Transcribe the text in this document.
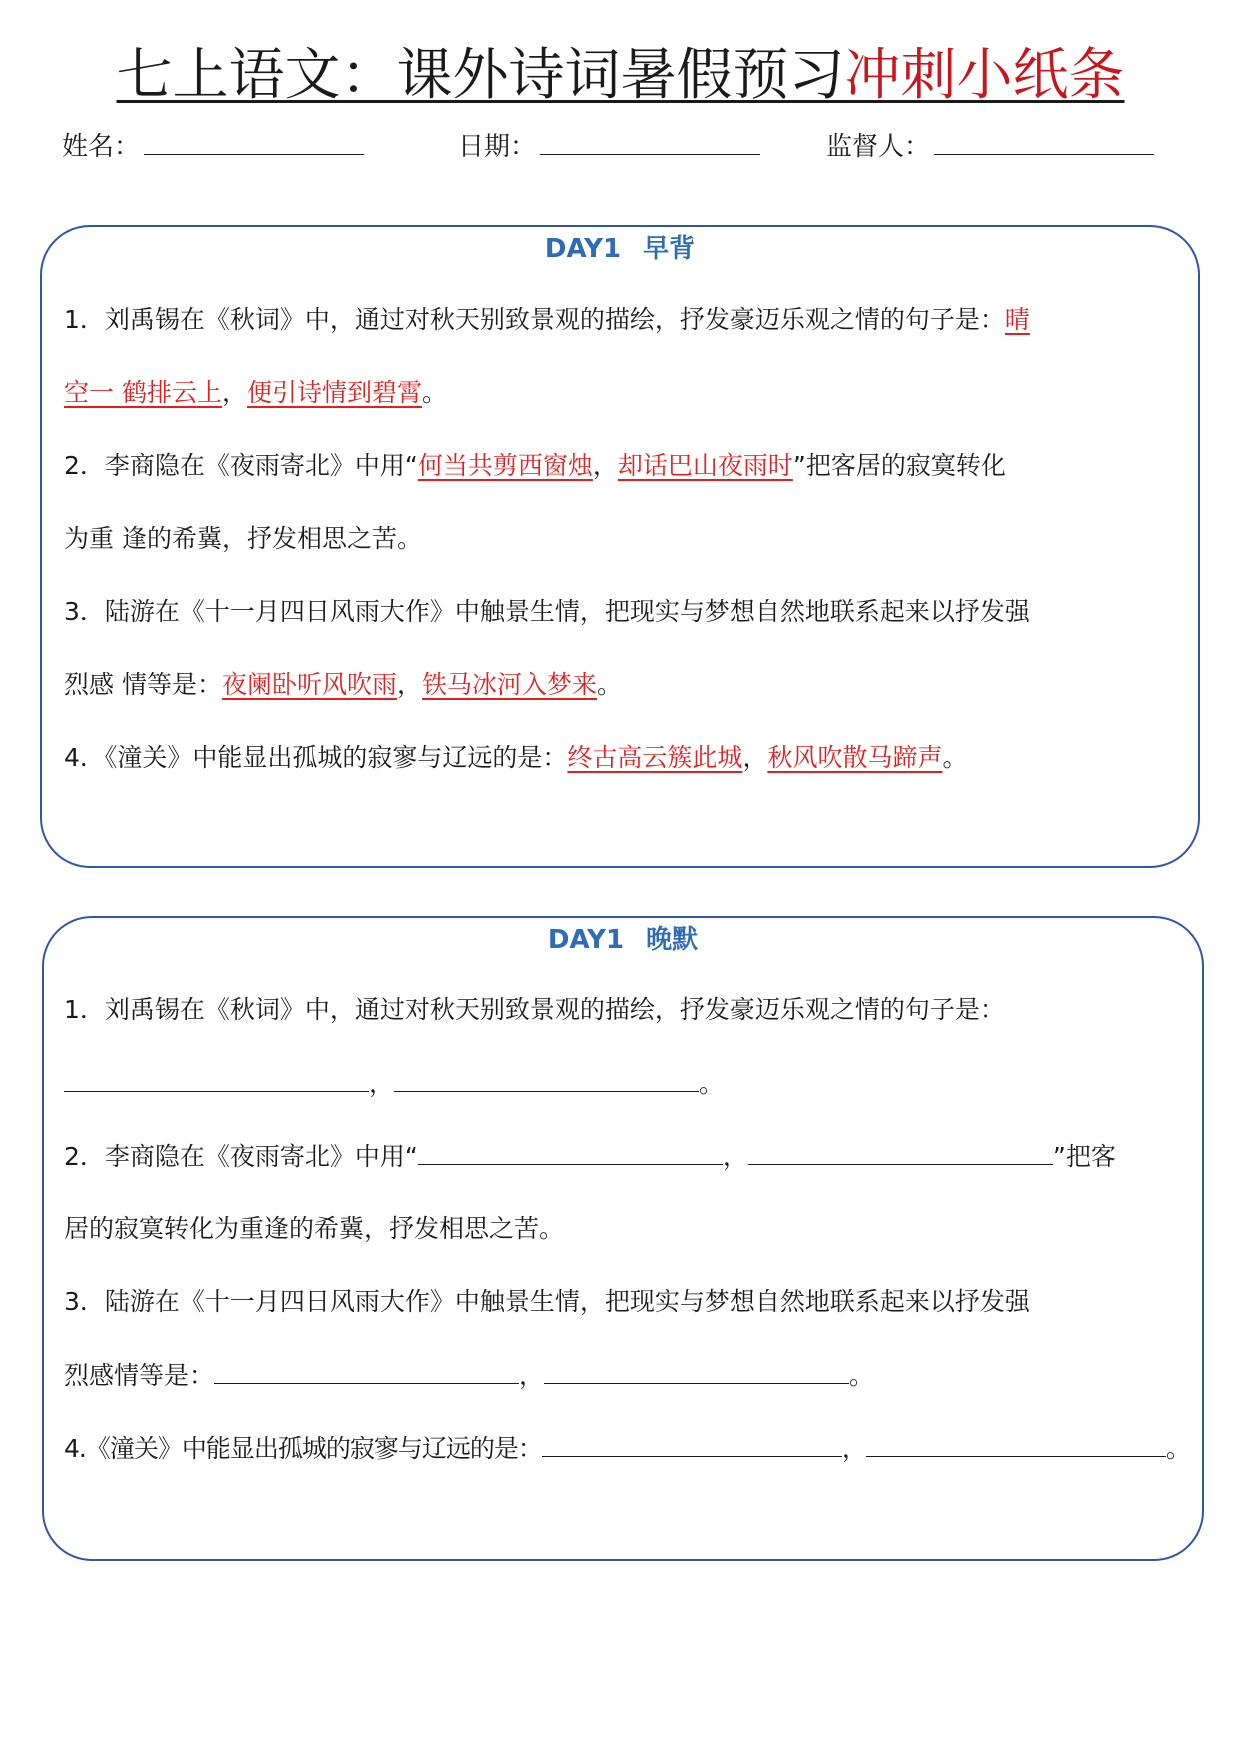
七上语文：课外诗词暑假预习冲刺小纸条
姓名：	日期：	监督人：
DAY1 早背
1．刘禹锡在《秋词》中，通过对秋天别致景观的描绘，抒发豪迈乐观之情的句子是：晴
空一 鹤排云上，便引诗情到碧霄。
2．李商隐在《夜雨寄北》中用“何当共剪西窗烛，却话巴山夜雨时”把客居的寂寞转化
为重 逢的希冀，抒发相思之苦。
3．陆游在《十一月四日风雨大作》中触景生情，把现实与梦想自然地联系起来以抒发强
烈感 情等是：夜阑卧听风吹雨，铁马冰河入梦来。
4．《潼关》中能显出孤城的寂寥与辽远的是：终古高云簇此城，秋风吹散马蹄声。
DAY1 晚默
1．刘禹锡在《秋词》中，通过对秋天别致景观的描绘，抒发豪迈乐观之情的句子是：
，	。
2．李商隐在《夜雨寄北》中用“	，	”把客
居的寂寞转化为重逢的希冀，抒发相思之苦。
3．陆游在《十一月四日风雨大作》中触景生情，把现实与梦想自然地联系起来以抒发强
烈感情等是：	，	。
4.《潼关》中能显出孤城的寂寥与辽远的是：	，	。
